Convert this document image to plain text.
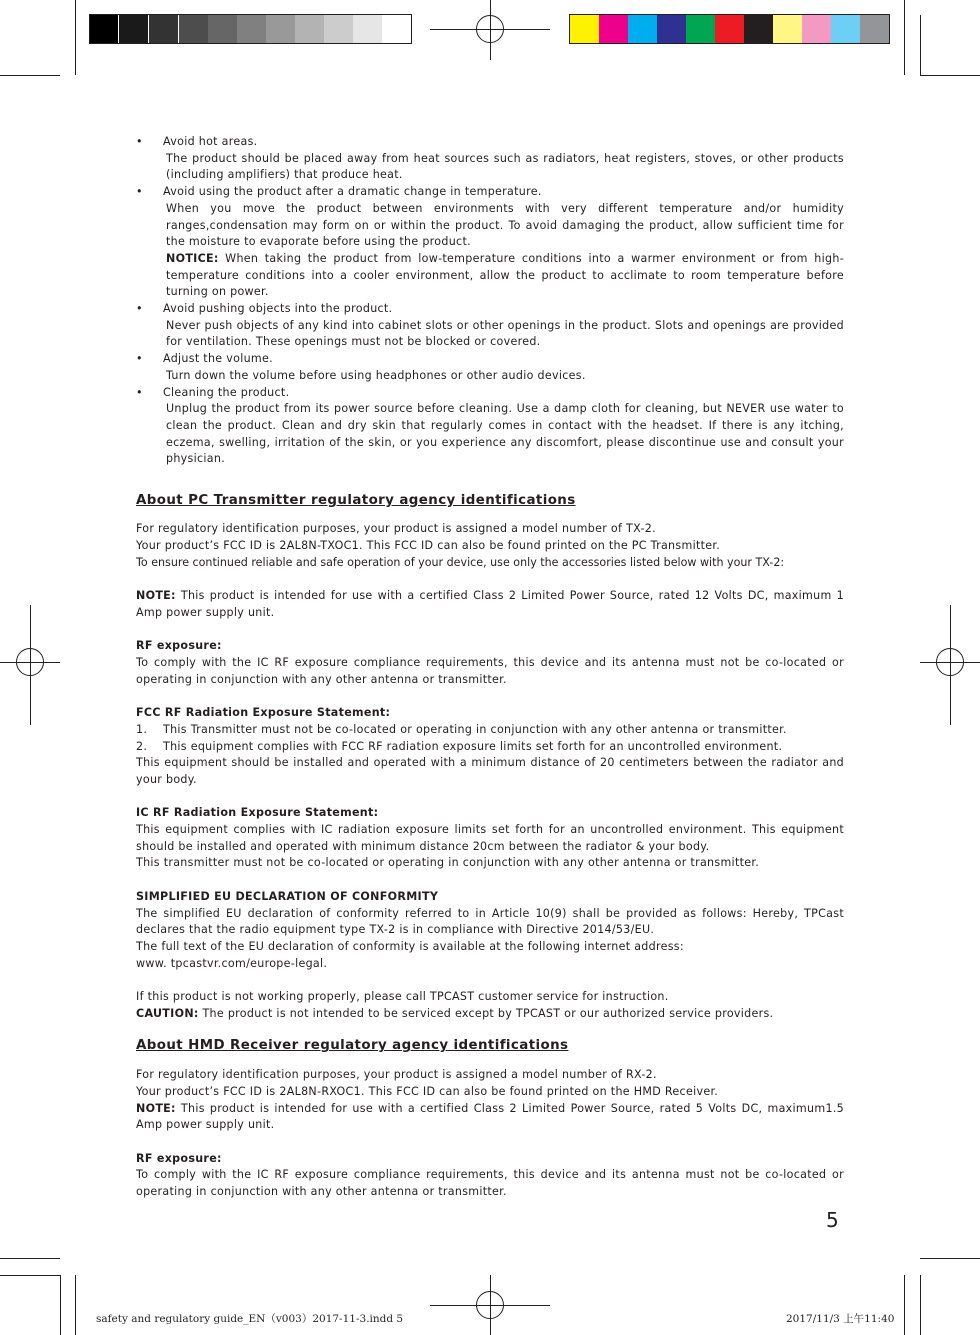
• Avoid hot areas.

The product should be placed away from heat sources such as radiators, heat registers, stoves, or other products (including amplifiers) that produce heat.

• Avoid using the product after a dramatic change in temperature.

When you move the product between environments with very different temperature and/or humidity ranges,condensation may form on or within the product. To avoid damaging the product, allow sufficient time for the moisture to evaporate before using the product.

NOTICE: When taking the product from low-temperature conditions into a warmer environment or from high-temperature conditions into a cooler environment, allow the product to acclimate to room temperature before turning on power.

• Avoid pushing objects into the product.

Never push objects of any kind into cabinet slots or other openings in the product. Slots and openings are provided for ventilation. These openings must not be blocked or covered.

• Adjust the volume.

Turn down the volume before using headphones or other audio devices.

• Cleaning the product.

Unplug the product from its power source before cleaning. Use a damp cloth for cleaning, but NEVER use water to clean the product. Clean and dry skin that regularly comes in contact with the headset. If there is any itching, eczema, swelling, irritation of the skin, or you experience any discomfort, please discontinue use and consult your physician.

About PC Transmitter regulatory agency identifications

For regulatory identification purposes, your product is assigned a model number of TX-2.

Your product’s FCC ID is 2AL8N-TXOC1. This FCC ID can also be found printed on the PC Transmitter.

To ensure continued reliable and safe operation of your device, use only the accessories listed below with your TX-2:

NOTE: This product is intended for use with a certified Class 2 Limited Power Source, rated 12 Volts DC, maximum 1 Amp power supply unit.

RF exposure:

To comply with the IC RF exposure compliance requirements, this device and its antenna must not be co-located or operating in conjunction with any other antenna or transmitter.

FCC RF Radiation Exposure Statement:

1. This Transmitter must not be co-located or operating in conjunction with any other antenna or transmitter.

2. This equipment complies with FCC RF radiation exposure limits set forth for an uncontrolled environment.

This equipment should be installed and operated with a minimum distance of 20 centimeters between the radiator and your body.

IC RF Radiation Exposure Statement:

This equipment complies with IC radiation exposure limits set forth for an uncontrolled environment. This equipment should be installed and operated with minimum distance 20cm between the radiator & your body.

This transmitter must not be co-located or operating in conjunction with any other antenna or transmitter.

SIMPLIFIED EU DECLARATION OF CONFORMITY

The simplified EU declaration of conformity referred to in Article 10(9) shall be provided as follows: Hereby, TPCast declares that the radio equipment type TX-2 is in compliance with Directive 2014/53/EU.

The full text of the EU declaration of conformity is available at the following internet address:

www. tpcastvr.com/europe-legal.

If this product is not working properly, please call TPCAST customer service for instruction.

CAUTION: The product is not intended to be serviced except by TPCAST or our authorized service providers.

About HMD Receiver regulatory agency identifications

For regulatory identification purposes, your product is assigned a model number of RX-2.

Your product’s FCC ID is 2AL8N-RXOC1. This FCC ID can also be found printed on the HMD Receiver.

NOTE: This product is intended for use with a certified Class 2 Limited Power Source, rated 5 Volts DC, maximum1.5 Amp power supply unit.

RF exposure:

To comply with the IC RF exposure compliance requirements, this device and its antenna must not be co-located or operating in conjunction with any other antenna or transmitter.

5
safety and regulatory guide_EN（v003）2017-11-3.indd 5	2017/11/3 上午11:40
